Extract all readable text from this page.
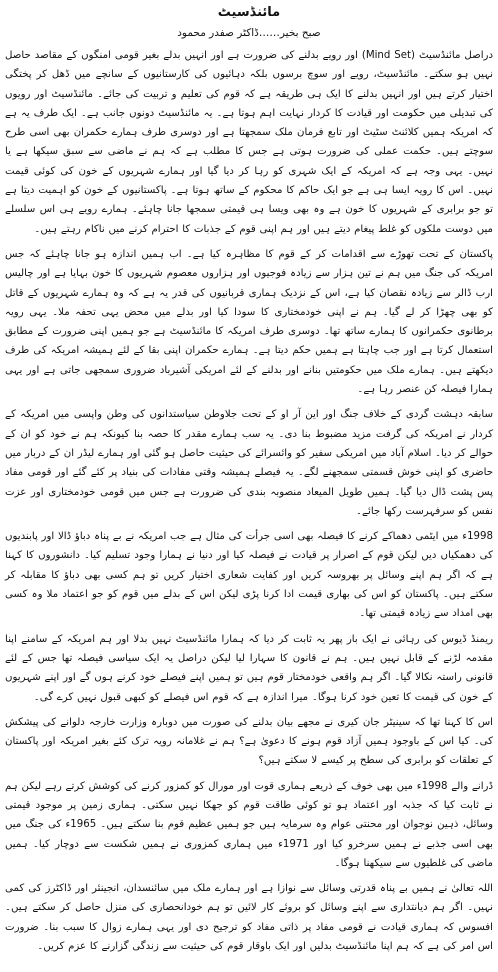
مائنڈسیٹ
صبح بخیر……ڈاکٹر صفدر محمود

دراصل مائنڈسیٹ (Mind Set) اور رویے بدلنے کی ضرورت ہے اور انہیں بدلے بغیر قومی امنگوں کے مقاصد حاصل نہیں ہو سکتے۔ مائنڈسیٹ، رویے اور سوچ برسوں بلکہ دہائیوں کی کارستانیوں کے سانچے میں ڈھل کر پختگی اختیار کرتے ہیں اور انہیں بدلنے کا ایک ہی طریقہ ہے کہ قوم کی تعلیم و تربیت کی جائے۔ مائنڈسیٹ اور رویوں کی تبدیلی میں حکومت اور قیادت کا کردار نہایت اہم ہوتا ہے۔ یہ مائنڈسیٹ دونوں جانب ہے۔ ایک طرف یہ ہے کہ امریکہ ہمیں کلائنٹ سٹیٹ اور تابع فرمان ملک سمجھتا ہے اور دوسری طرف ہمارے حکمران بھی اسی طرح سوچتے ہیں۔ حکمت عملی کی ضرورت ہوتی ہے جس کا مطلب ہے کہ ہم نے ماضی سے سبق سیکھا ہے یا نہیں۔ یہی وجہ ہے کہ امریکہ کے ایک شہری کو رہا کر دیا گیا اور ہمارے شہریوں کے خون کی کوئی قیمت نہیں۔ اس کا رویہ ایسا ہی ہے جو ایک حاکم کا محکوم کے ساتھ ہوتا ہے۔ پاکستانیوں کے خون کو اہمیت دیتا ہے تو جو برابری کے شہریوں کا خون ہے وہ بھی ویسا ہی قیمتی سمجھا جانا چاہئے۔ ہمارے رویے ہی اس سلسلے میں دوست ملکوں کو غلط پیغام دیتے ہیں اور ہم اپنی قوم کے جذبات کا احترام کرنے میں ناکام رہتے ہیں۔

پاکستان کے تحت تھوڑے سے اقدامات کر کے قوم کا مظاہرہ کیا ہے۔ اب ہمیں اندازہ ہو جانا چاہئے کہ جس امریکہ کی جنگ میں ہم نے تین ہزار سے زیادہ فوجیوں اور ہزاروں معصوم شہریوں کا خون بہایا ہے اور چالیس ارب ڈالر سے زیادہ نقصان کیا ہے، اس کے نزدیک ہماری قربانیوں کی قدر یہ ہے کہ وہ ہمارے شہریوں کے قاتل کو بھی چھڑا کر لے گیا۔ ہم نے اپنی خودمختاری کا سودا کیا اور بدلے میں محض یہی تحفہ ملا۔ یہی رویہ برطانوی حکمرانوں کا ہمارے ساتھ تھا۔ دوسری طرف امریکہ کا مائنڈسیٹ ہے جو ہمیں اپنی ضرورت کے مطابق استعمال کرتا ہے اور جب چاہتا ہے ہمیں حکم دیتا ہے۔ ہمارے حکمران اپنی بقا کے لئے ہمیشہ امریکہ کی طرف دیکھتے ہیں۔ ہمارے ملک میں حکومتیں بنانے اور بدلنے کے لئے امریکی آشیرباد ضروری سمجھی جاتی ہے اور یہی ہمارا فیصلہ کن عنصر رہا ہے۔

سابقہ دہشت گردی کے خلاف جنگ اور این آر او کے تحت جلاوطن سیاستدانوں کی وطن واپسی میں امریکہ کے کردار نے امریکہ کی گرفت مزید مضبوط بنا دی۔ یہ سب ہمارے مقدر کا حصہ بنا کیونکہ ہم نے خود کو ان کے حوالے کر دیا۔ اسلام آباد میں امریکی سفیر کو وائسرائے کی حیثیت حاصل ہو گئی اور ہمارے لیڈر ان کے دربار میں حاضری کو اپنی خوش قسمتی سمجھنے لگے۔ یہ فیصلے ہمیشہ وقتی مفادات کی بنیاد پر کئے گئے اور قومی مفاد پس پشت ڈال دیا گیا۔ ہمیں طویل المیعاد منصوبہ بندی کی ضرورت ہے جس میں قومی خودمختاری اور عزت نفس کو سرفہرست رکھا جائے۔

1998ء میں ایٹمی دھماکے کرنے کا فیصلہ بھی اسی جرأت کی مثال ہے جب امریکہ نے بے پناہ دباؤ ڈالا اور پابندیوں کی دھمکیاں دیں لیکن قوم کے اصرار پر قیادت نے فیصلہ کیا اور دنیا نے ہمارا وجود تسلیم کیا۔ دانشوروں کا کہنا ہے کہ اگر ہم اپنے وسائل پر بھروسہ کریں اور کفایت شعاری اختیار کریں تو ہم کسی بھی دباؤ کا مقابلہ کر سکتے ہیں۔ پاکستان کو اس کی بھاری قیمت ادا کرنا پڑی لیکن اس کے بدلے میں قوم کو جو اعتماد ملا وہ کسی بھی امداد سے زیادہ قیمتی تھا۔

ریمنڈ ڈیوس کی رہائی نے ایک بار پھر یہ ثابت کر دیا کہ ہمارا مائنڈسیٹ نہیں بدلا اور ہم امریکہ کے سامنے اپنا مقدمہ لڑنے کے قابل نہیں ہیں۔ ہم نے قانون کا سہارا لیا لیکن دراصل یہ ایک سیاسی فیصلہ تھا جس کے لئے قانونی راستہ نکالا گیا۔ اگر ہم واقعی خودمختار قوم ہیں تو ہمیں اپنے فیصلے خود کرنے ہوں گے اور اپنے شہریوں کے خون کی قیمت کا تعین خود کرنا ہوگا۔ میرا اندازہ ہے کہ قوم اس فیصلے کو کبھی قبول نہیں کرے گی۔

اس کا کہنا تھا کہ سینیٹر جان کیری نے مجھے بیان بدلنے کی صورت میں دوبارہ وزارت خارجہ دلوانے کی پیشکش کی۔ کیا اس کے باوجود ہمیں آزاد قوم ہونے کا دعویٰ ہے؟ ہم نے غلامانہ رویہ ترک کئے بغیر امریکہ اور پاکستان کے تعلقات کو برابری کی سطح پر کیسے لا سکتے ہیں؟

ڈرانے والے 1998ء میں بھی خوف کے ذریعے ہماری قوت اور مورال کو کمزور کرنے کی کوشش کرتے رہے لیکن ہم نے ثابت کیا کہ جذبہ اور اعتماد ہو تو کوئی طاقت قوم کو جھکا نہیں سکتی۔ ہماری زمین پر موجود قیمتی وسائل، ذہین نوجوان اور محنتی عوام وہ سرمایہ ہیں جو ہمیں عظیم قوم بنا سکتے ہیں۔ 1965ء کی جنگ میں بھی اسی جذبے نے ہمیں سرخرو کیا اور 1971ء میں ہماری کمزوری نے ہمیں شکست سے دوچار کیا۔ ہمیں ماضی کی غلطیوں سے سیکھنا ہوگا۔

اللہ تعالیٰ نے ہمیں بے پناہ قدرتی وسائل سے نوازا ہے اور ہمارے ملک میں سائنسدان، انجینئر اور ڈاکٹرز کی کمی نہیں۔ اگر ہم دیانتداری سے اپنے وسائل کو بروئے کار لائیں تو ہم خودانحصاری کی منزل حاصل کر سکتے ہیں۔ افسوس کہ ہماری قیادت نے قومی مفاد پر ذاتی مفاد کو ترجیح دی اور یہی ہمارے زوال کا سبب بنا۔ ضرورت اس امر کی ہے کہ ہم اپنا مائنڈسیٹ بدلیں اور ایک باوقار قوم کی حیثیت سے زندگی گزارنے کا عزم کریں۔
